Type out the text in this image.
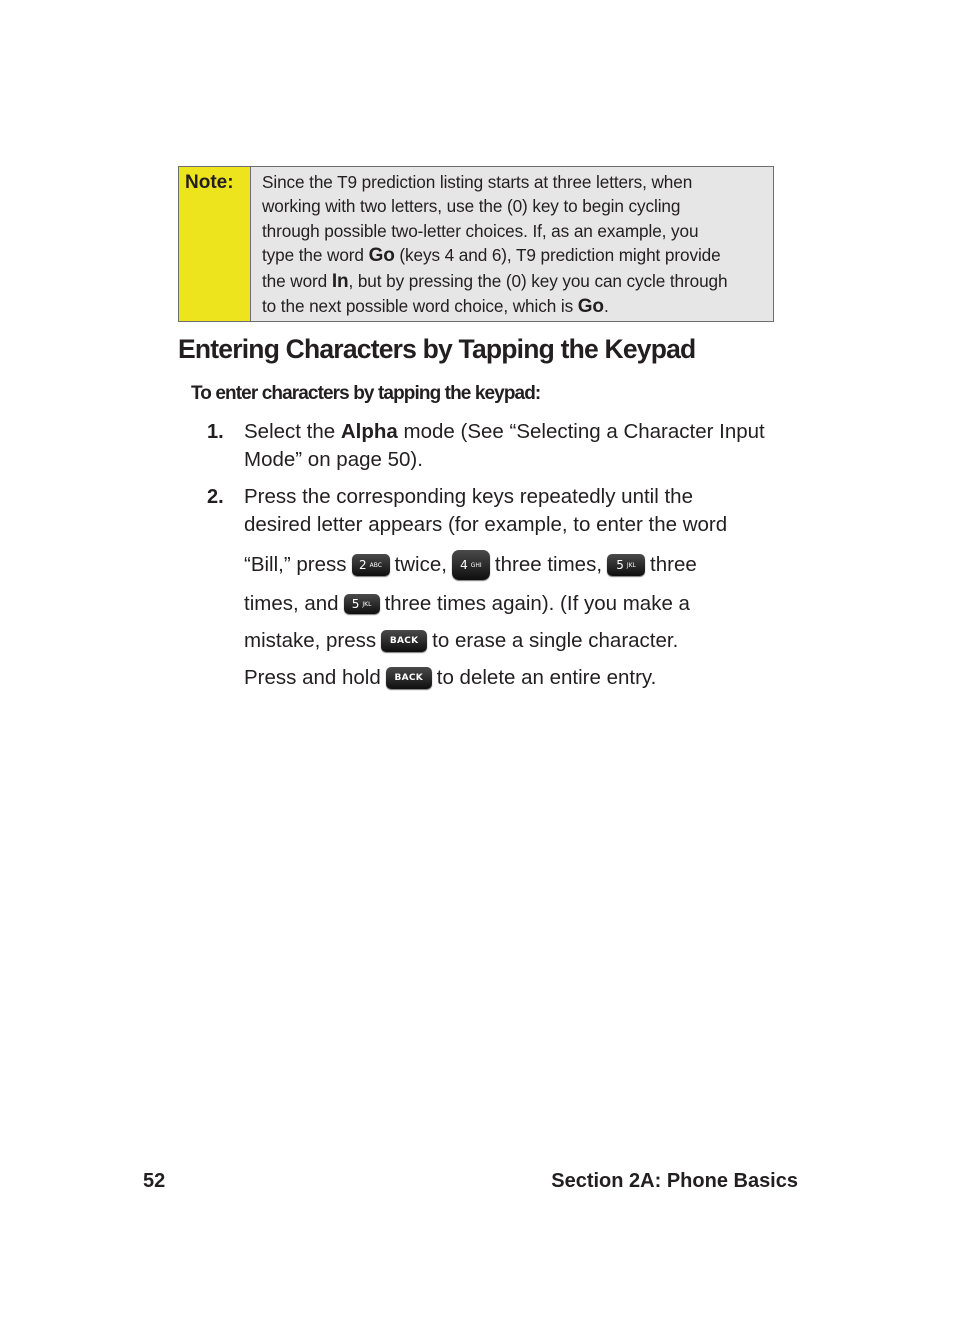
Note:	Since the T9 prediction listing starts at three letters, when
working with two letters, use the (0) key to begin cycling
through possible two-letter choices. If, as an example, you
type the word Go (keys 4 and 6), T9 prediction might provide
the word In, but by pressing the (0) key you can cycle through
to the next possible word choice, which is Go.
Entering Characters by Tapping the Keypad
To enter characters by tapping the keypad:
1. Select the Alpha mode (See “Selecting a Character Input
Mode” on page 50).
2. Press the corresponding keys repeatedly until the
desired letter appears (for example, to enter the word
“Bill,” press 2 ABC twice, 4 GHI three times, 5 JKL three
times, and 5 JKL three times again). (If you make a
mistake, press	BACK to erase a single character.
Press and hold	BACK to delete an entire entry.
52	Section 2A: Phone Basics
